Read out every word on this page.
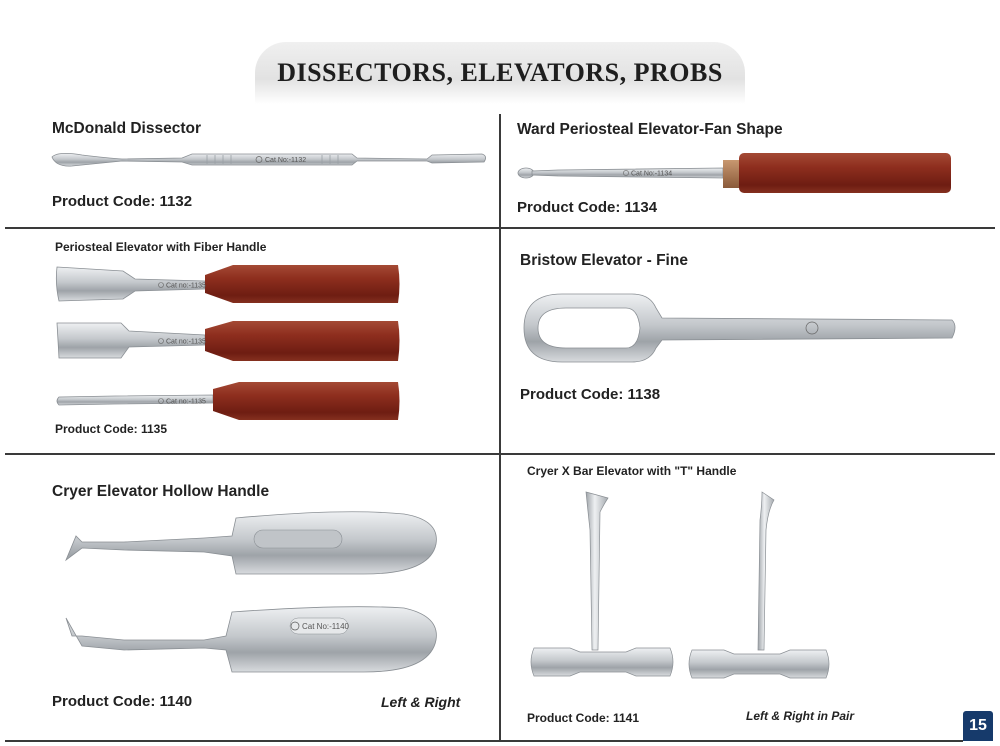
DISSECTORS, ELEVATORS, PROBS
McDonald Dissector
Cat No:-1132
Product Code: 1132
Ward Periosteal Elevator-Fan Shape
Cat No:-1134
Product Code: 1134
Periosteal Elevator with Fiber Handle
Cat no:-1135
Cat no:-1135
Cat no:-1135
Product Code: 1135
Bristow Elevator - Fine
Product Code: 1138
Cryer Elevator Hollow Handle
Cat No:-1140
Product Code: 1140	Left & Right
Cryer X Bar Elevator with "T" Handle
Product Code: 1141	Left & Right in Pair
15
